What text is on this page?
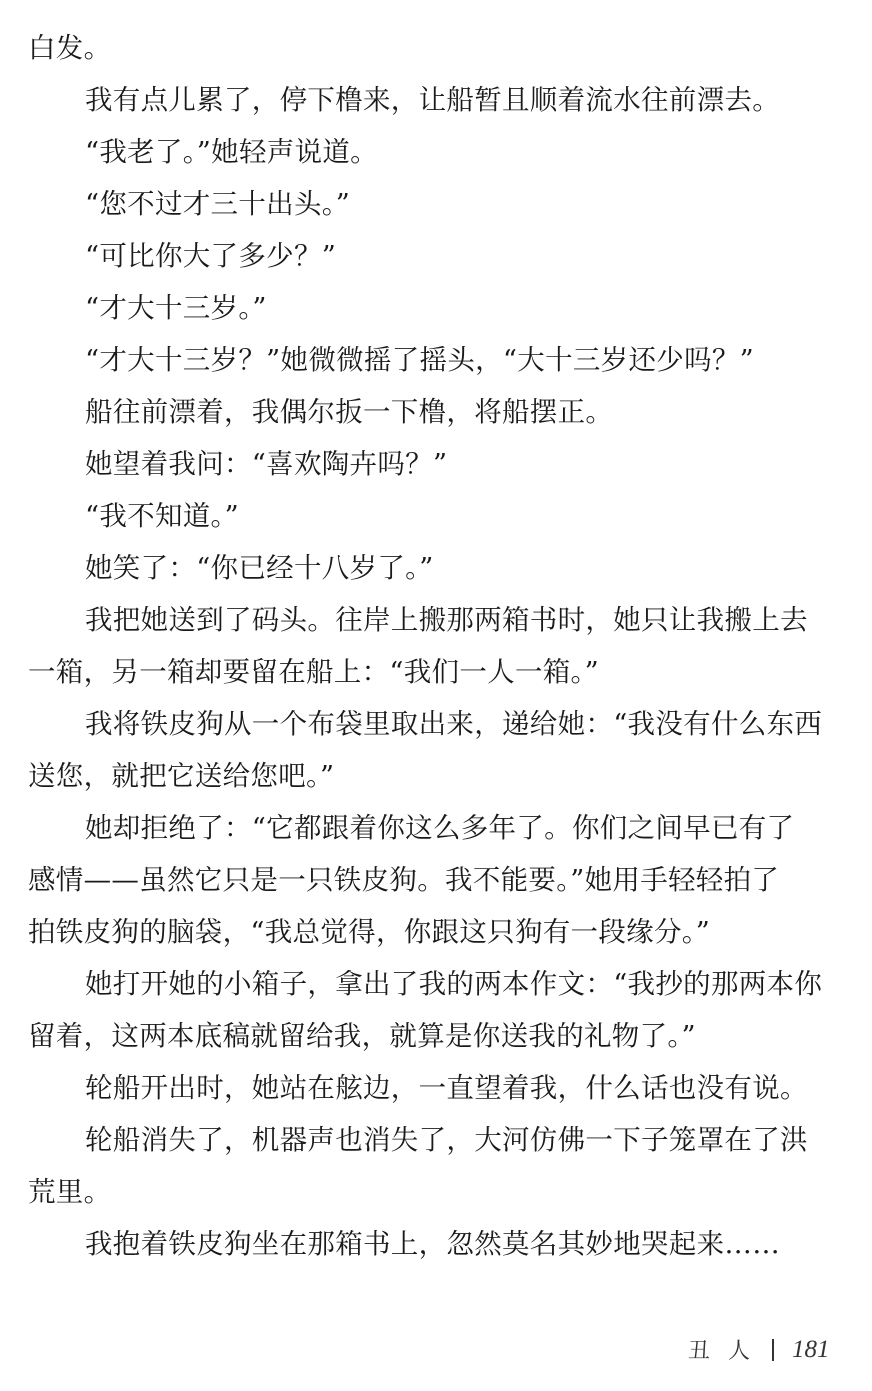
白发。
我有点儿累了，停下橹来，让船暂且顺着流水往前漂去。
“我老了。”她轻声说道。
“您不过才三十出头。”
“可比你大了多少？”
“才大十三岁。”
“才大十三岁？”她微微摇了摇头，“大十三岁还少吗？”
船往前漂着，我偶尔扳一下橹，将船摆正。
她望着我问：“喜欢陶卉吗？”
“我不知道。”
她笑了：“你已经十八岁了。”
我把她送到了码头。往岸上搬那两箱书时，她只让我搬上去
一箱，另一箱却要留在船上：“我们一人一箱。”
我将铁皮狗从一个布袋里取出来，递给她：“我没有什么东西
送您，就把它送给您吧。”
她却拒绝了：“它都跟着你这么多年了。你们之间早已有了
感情——虽然它只是一只铁皮狗。我不能要。”她用手轻轻拍了
拍铁皮狗的脑袋，“我总觉得，你跟这只狗有一段缘分。”
她打开她的小箱子，拿出了我的两本作文：“我抄的那两本你
留着，这两本底稿就留给我，就算是你送我的礼物了。”
轮船开出时，她站在舷边，一直望着我，什么话也没有说。
轮船消失了，机器声也消失了，大河仿佛一下子笼罩在了洪
荒里。
我抱着铁皮狗坐在那箱书上，忽然莫名其妙地哭起来……
丑人 181
